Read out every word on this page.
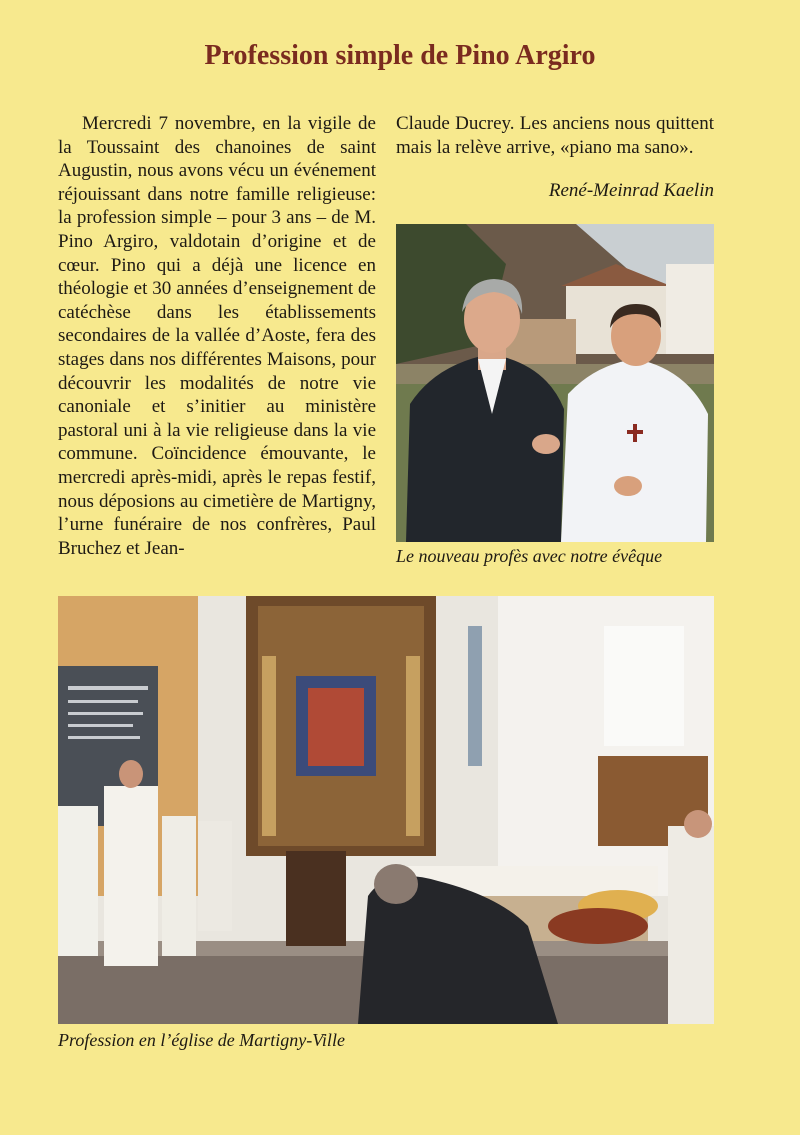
Profession simple de Pino Argiro
Mercredi 7 novembre, en la vigile de la Toussaint des chanoines de saint Augustin, nous avons vécu un événement réjouissant dans notre famille religieuse: la profession simple – pour 3 ans – de M. Pino Argiro, valdotain d’origine et de cœur. Pino qui a déjà une licence en théologie et 30 années d’enseignement de catéchèse dans les établissements secondaires de la vallée d’Aoste, fera des stages dans nos différentes Maisons, pour découvrir les modalités de notre vie canoniale et s’initier au ministère pastoral uni à la vie religieuse dans la vie commune. Coïncidence émouvante, le mercredi après-midi, après le repas festif, nous déposions au cimetière de Martigny, l’urne funéraire de nos confrères, Paul Bruchez et Jean-
Claude Ducrey. Les anciens nous quittent mais la relève arrive, «piano ma sano».
René-Meinrad Kaelin
Le nouveau profès avec notre évêque
Profession en l’église de Martigny-Ville
